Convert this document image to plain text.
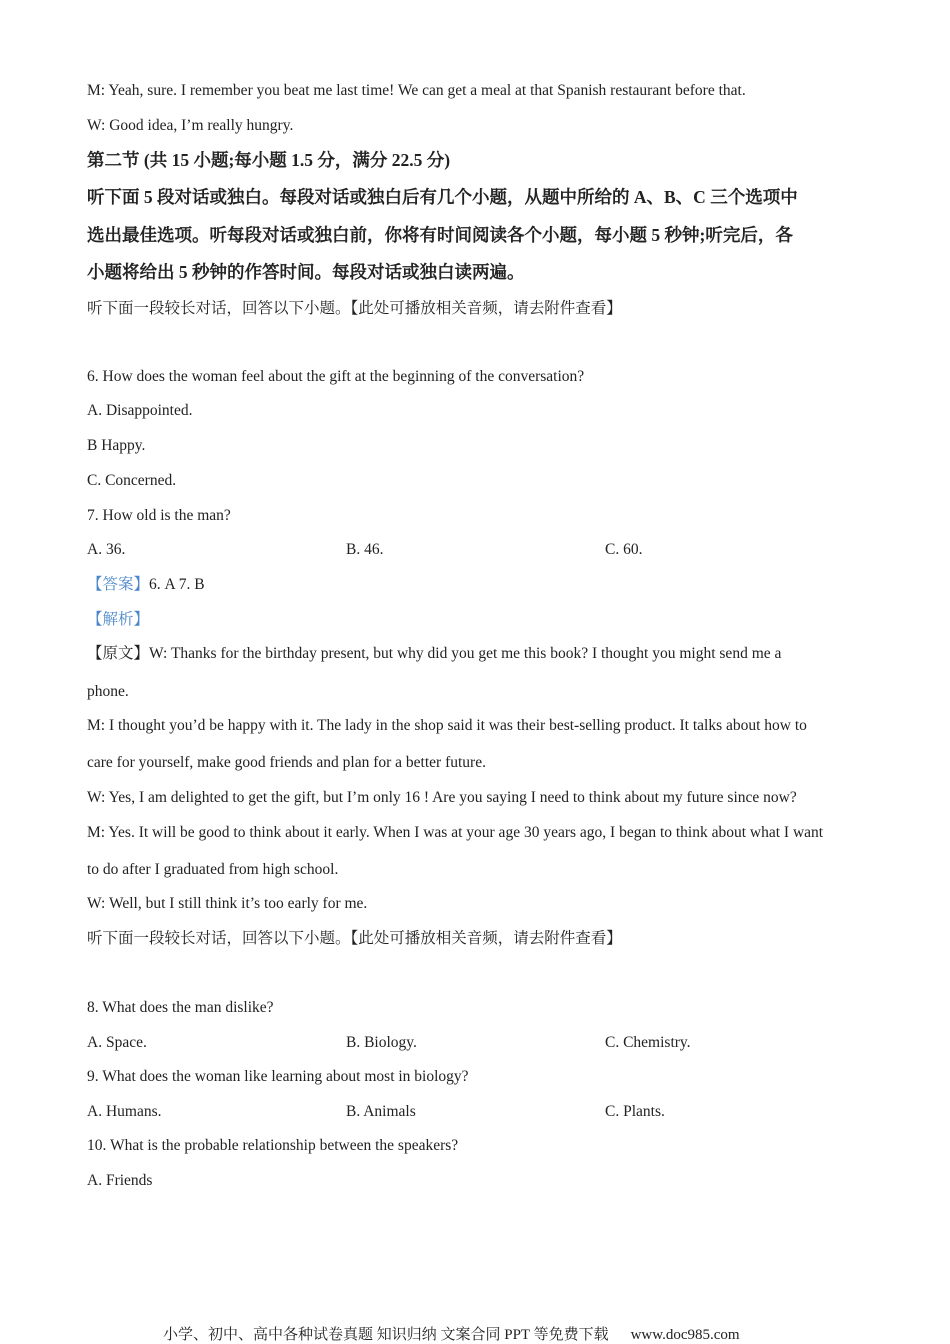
M: Yeah, sure. I remember you beat me last time! We can get a meal at that Spanish restaurant before that.
W: Good idea, I’m really hungry.
第二节 (共 15 小题;每小题 1.5 分，满分 22.5 分)
听下面 5 段对话或独白。每段对话或独白后有几个小题，从题中所给的 A、B、C 三个选项中
选出最佳选项。听每段对话或独白前，你将有时间阅读各个小题，每小题 5 秒钟;听完后，各
小题将给出 5 秒钟的作答时间。每段对话或独白读两遍。
听下面一段较长对话，回答以下小题。【此处可播放相关音频，请去附件查看】
6. How does the woman feel about the gift at the beginning of the conversation?
A. Disappointed.
B Happy.
C. Concerned.
7. How old is the man?
A. 36.	B. 46.	C. 60.
【答案】6. A 7. B
【解析】
【原文】W: Thanks for the birthday present, but why did you get me this book? I thought you might send me a
phone.
M: I thought you’d be happy with it. The lady in the shop said it was their best-selling product. It talks about how to
care for yourself, make good friends and plan for a better future.
W: Yes, I am delighted to get the gift, but I’m only 16 ! Are you saying I need to think about my future since now?
M: Yes. It will be good to think about it early. When I was at your age 30 years ago, I began to think about what I want
to do after I graduated from high school.
W: Well, but I still think it’s too early for me.
听下面一段较长对话，回答以下小题。【此处可播放相关音频，请去附件查看】
8. What does the man dislike?
A. Space.	B. Biology.	C. Chemistry.
9. What does the woman like learning about most in biology?
A. Humans.	B. Animals	C. Plants.
10. What is the probable relationship between the speakers?
A. Friends
小学、初中、高中各种试卷真题 知识归纳 文案合同 PPT 等免费下载 www.doc985.com
